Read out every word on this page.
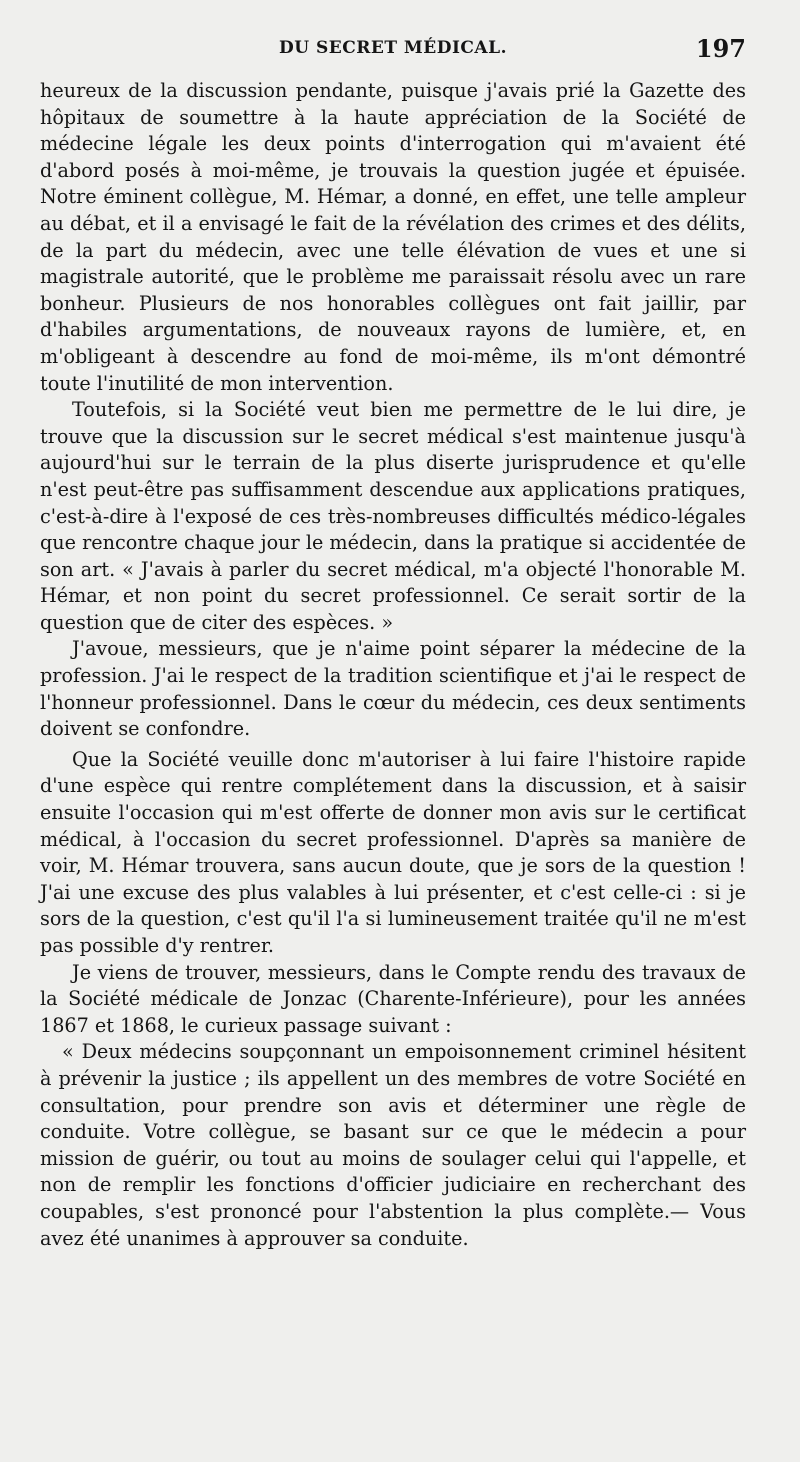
DU SECRET MÉDICAL.	197

heureux de la discussion pendante, puisque j'avais prié la Gazette des hôpitaux de soumettre à la haute appréciation de la Société de médecine légale les deux points d'interrogation qui m'avaient été d'abord posés à moi-même, je trouvais la question jugée et épuisée. Notre éminent collègue, M. Hémar, a donné, en effet, une telle ampleur au débat, et il a envisagé le fait de la révélation des crimes et des délits, de la part du médecin, avec une telle élévation de vues et une si magistrale autorité, que le problème me paraissait résolu avec un rare bonheur. Plusieurs de nos honorables collègues ont fait jaillir, par d'habiles argumentations, de nouveaux rayons de lumière, et, en m'obligeant à descendre au fond de moi-même, ils m'ont démontré toute l'inutilité de mon intervention.

Toutefois, si la Société veut bien me permettre de le lui dire, je trouve que la discussion sur le secret médical s'est maintenue jusqu'à aujourd'hui sur le terrain de la plus diserte jurisprudence et qu'elle n'est peut-être pas suffisamment descendue aux applications pratiques, c'est-à-dire à l'exposé de ces très-nombreuses difficultés médico-légales que rencontre chaque jour le médecin, dans la pratique si accidentée de son art. « J'avais à parler du secret médical, m'a objecté l'honorable M. Hémar, et non point du secret professionnel. Ce serait sortir de la question que de citer des espèces. »

J'avoue, messieurs, que je n'aime point séparer la médecine de la profession. J'ai le respect de la tradition scientifique et j'ai le respect de l'honneur professionnel. Dans le cœur du médecin, ces deux sentiments doivent se confondre.

Que la Société veuille donc m'autoriser à lui faire l'histoire rapide d'une espèce qui rentre complétement dans la discussion, et à saisir ensuite l'occasion qui m'est offerte de donner mon avis sur le certificat médical, à l'occasion du secret professionnel. D'après sa manière de voir, M. Hémar trouvera, sans aucun doute, que je sors de la question ! J'ai une excuse des plus valables à lui présenter, et c'est celle-ci : si je sors de la question, c'est qu'il l'a si lumineusement traitée qu'il ne m'est pas possible d'y rentrer.

Je viens de trouver, messieurs, dans le Compte rendu des travaux de la Société médicale de Jonzac (Charente-Inférieure), pour les années 1867 et 1868, le curieux passage suivant :

« Deux médecins soupçonnant un empoisonnement criminel hésitent à prévenir la justice ; ils appellent un des membres de votre Société en consultation, pour prendre son avis et déterminer une règle de conduite. Votre collègue, se basant sur ce que le médecin a pour mission de guérir, ou tout au moins de soulager celui qui l'appelle, et non de remplir les fonctions d'officier judiciaire en recherchant des coupables, s'est prononcé pour l'abstention la plus complète.— Vous avez été unanimes à approuver sa conduite.
